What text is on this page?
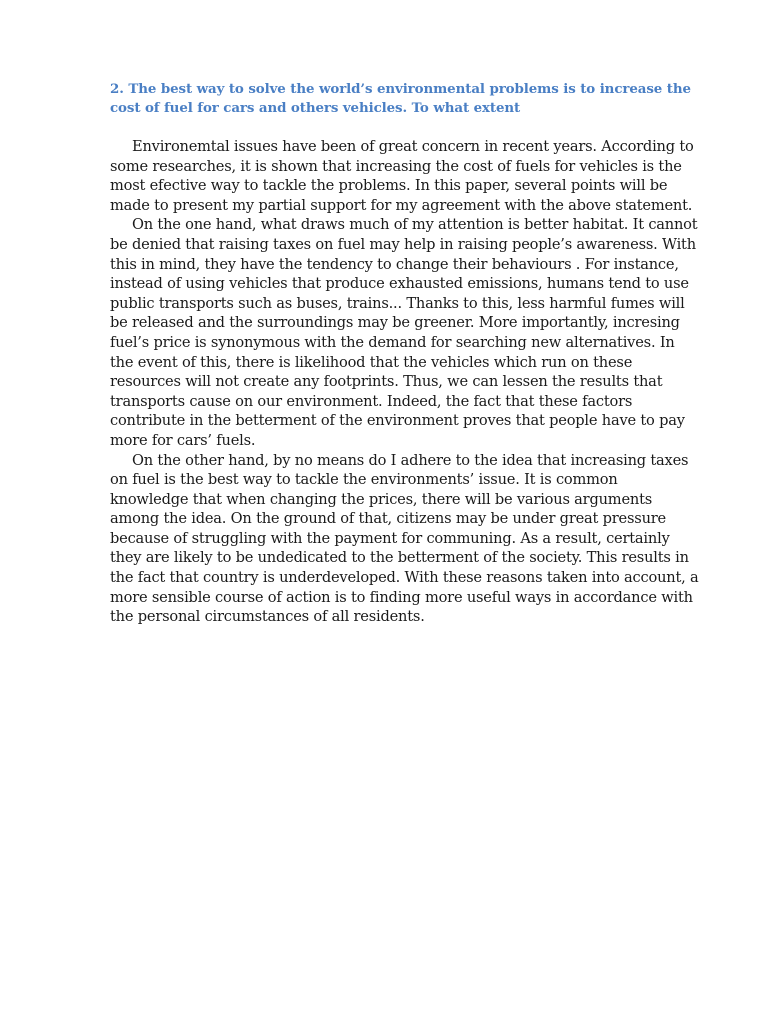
2. The best way to solve the world’s environmental problems is to increase the cost of fuel for cars and others vehicles. To what extent

Environemtal issues have been of great concern in recent years. According to some researches, it is shown that increasing the cost of fuels for vehicles is the most efective way to tackle the problems. In this paper, several points will be made to present my partial support for my agreement with the above statement.

On the one hand, what draws much of my attention is better habitat. It cannot be denied that raising taxes on fuel may help in raising people’s awareness. With this in mind, they have the tendency to change their behaviours . For instance, instead of using vehicles that produce exhausted emissions, humans tend to use public transports such as buses, trains... Thanks to this, less harmful fumes will be released and the surroundings may be greener. More importantly, incresing fuel’s price is synonymous with the demand for searching new alternatives. In the event of this, there is likelihood that the vehicles which run on these resources will not create any footprints. Thus, we can lessen the results that transports cause on our environment. Indeed, the fact that these factors contribute in the betterment of the environment proves that people have to pay more for cars’ fuels.

On the other hand, by no means do I adhere to the idea that increasing taxes on fuel is the best way to tackle the environments’ issue. It is common knowledge that when changing the prices, there will be various arguments among the idea. On the ground of that, citizens may be under great pressure because of struggling with the payment for communing. As a result, certainly they are likely to be undedicated to the betterment of the society. This results in the fact that country is underdeveloped. With these reasons taken into account, a more sensible course of action is to finding more useful ways in accordance with the personal circumstances of all residents.
